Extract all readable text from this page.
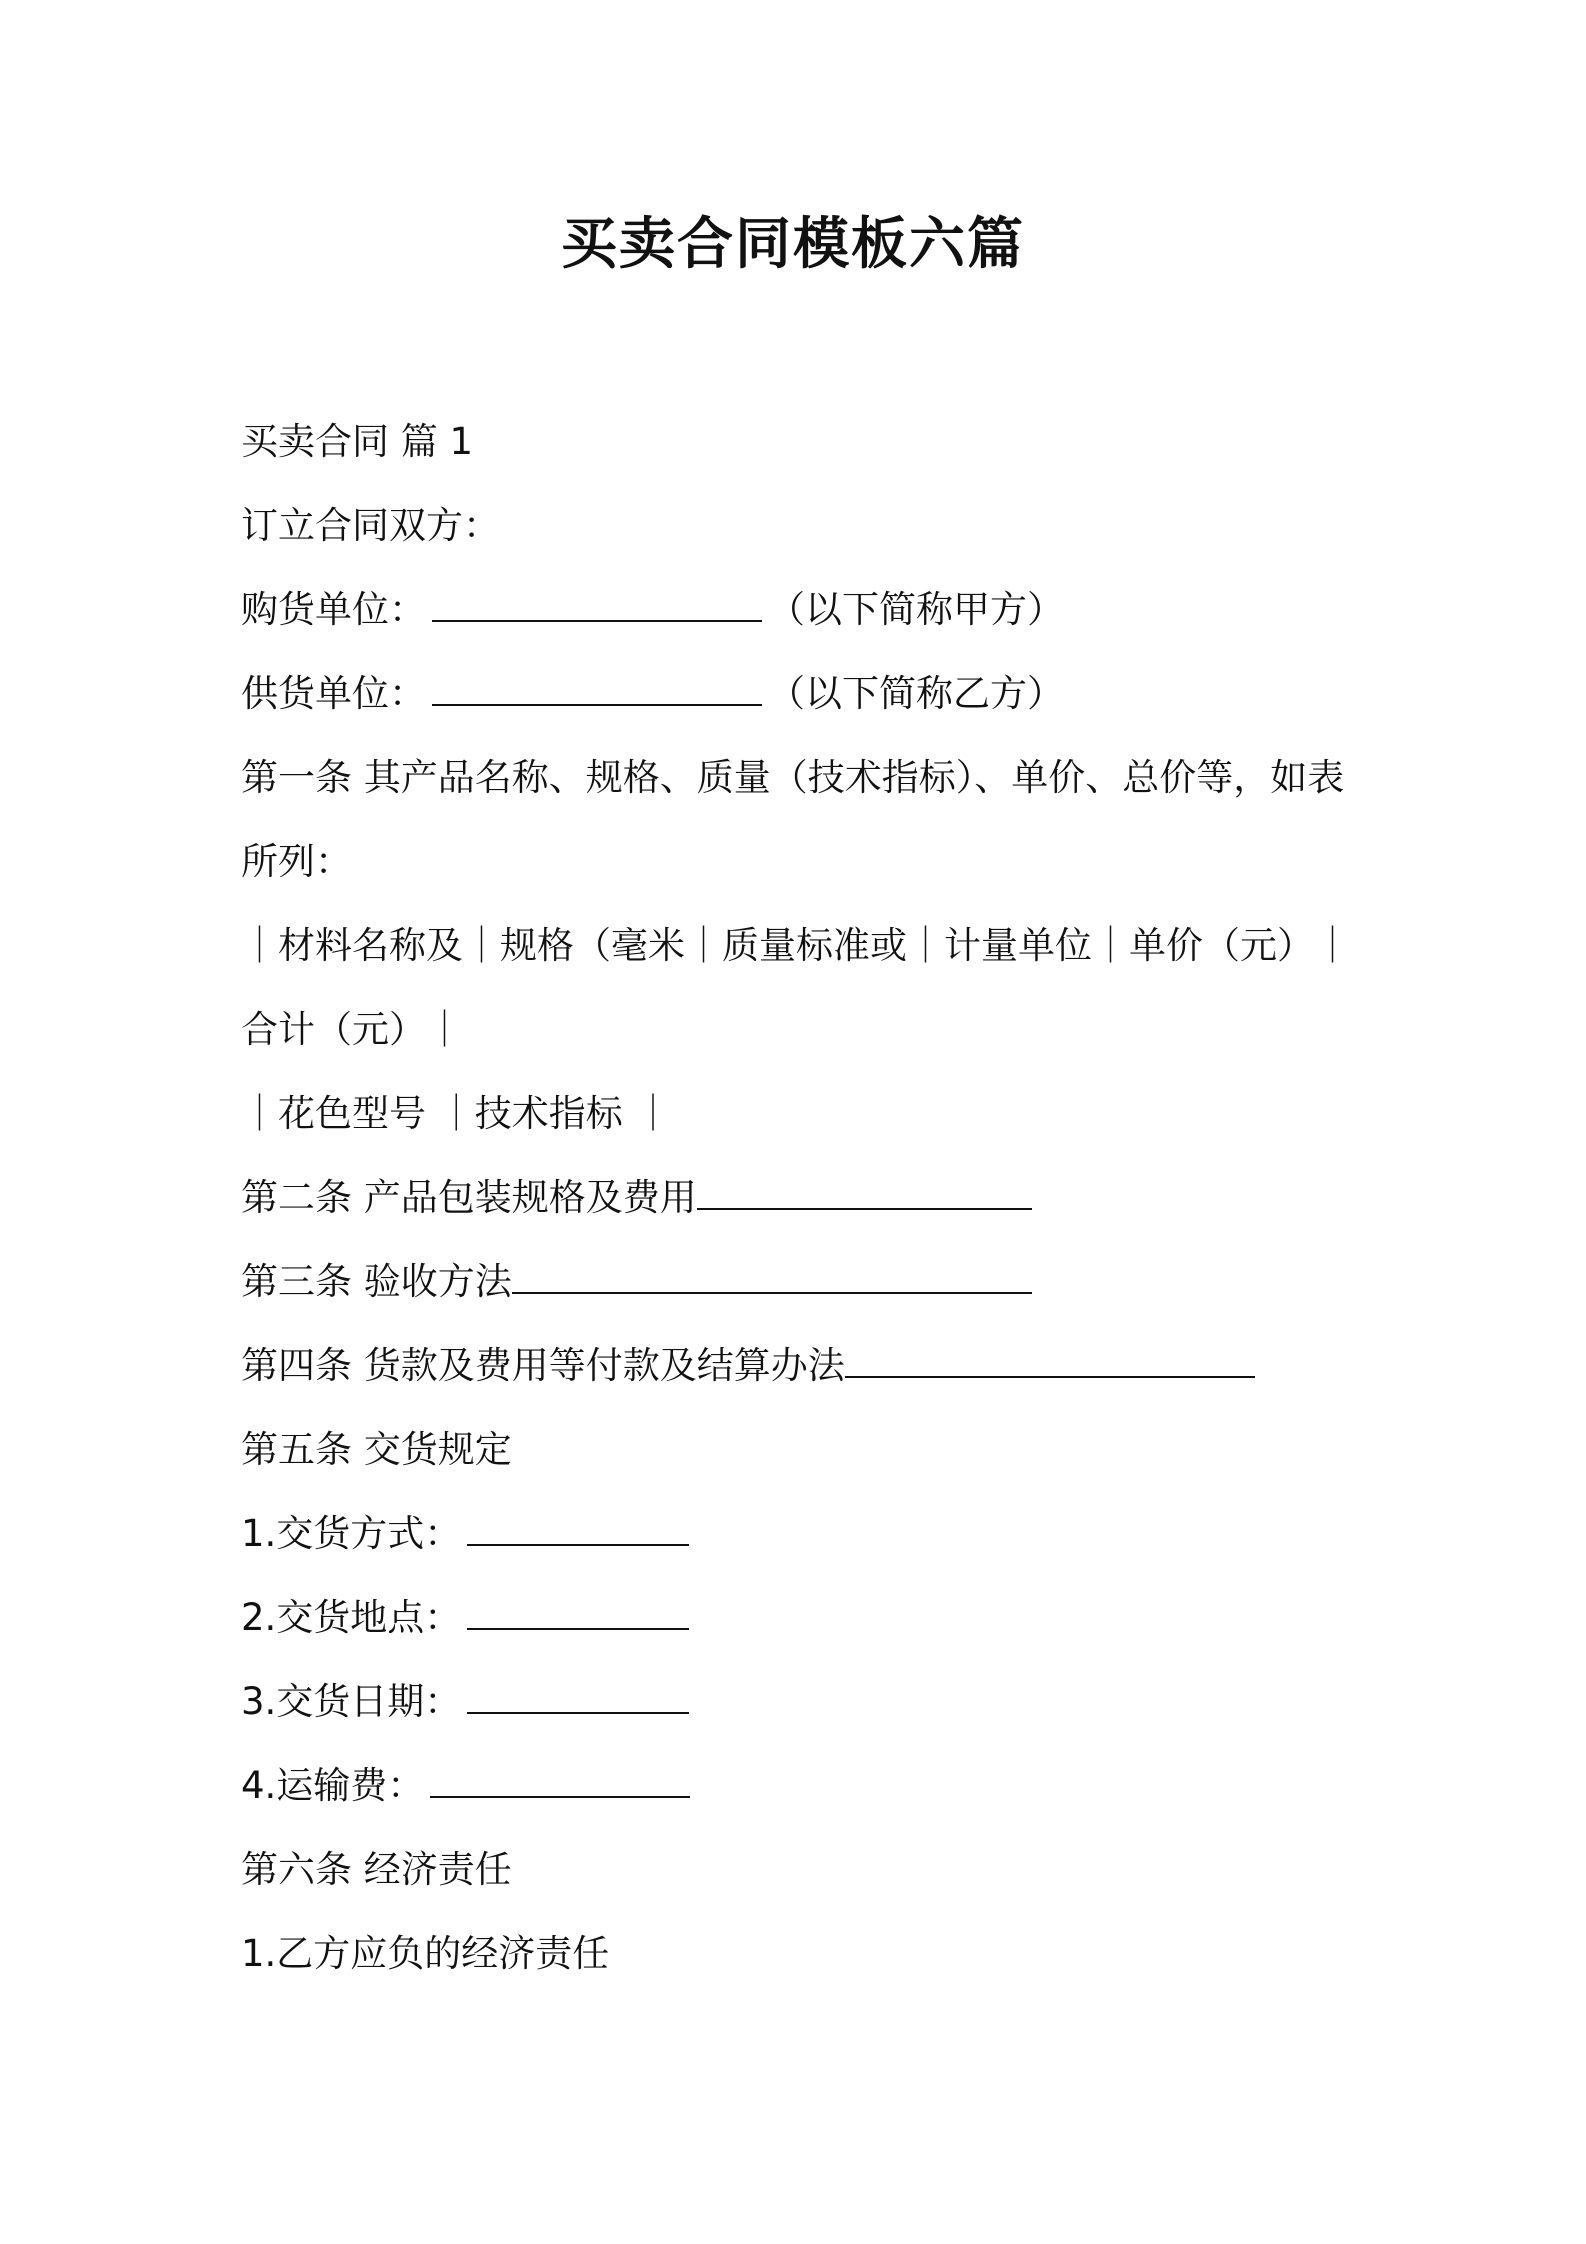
买卖合同模板六篇
买卖合同 篇 1
订立合同双方：
购货单位：	（以下简称甲方）
供货单位：	（以下简称乙方）
第一条 其产品名称、规格、质量（技术指标）、单价、总价等，如表
所列：
｜材料名称及｜规格（毫米｜质量标准或｜计量单位｜单价（元）｜
合计（元）｜
｜花色型号 ｜技术指标 ｜
第二条 产品包装规格及费用
第三条 验收方法
第四条 货款及费用等付款及结算办法
第五条 交货规定
1.交货方式：
2.交货地点：
3.交货日期：
4.运输费：
第六条 经济责任
1.乙方应负的经济责任
